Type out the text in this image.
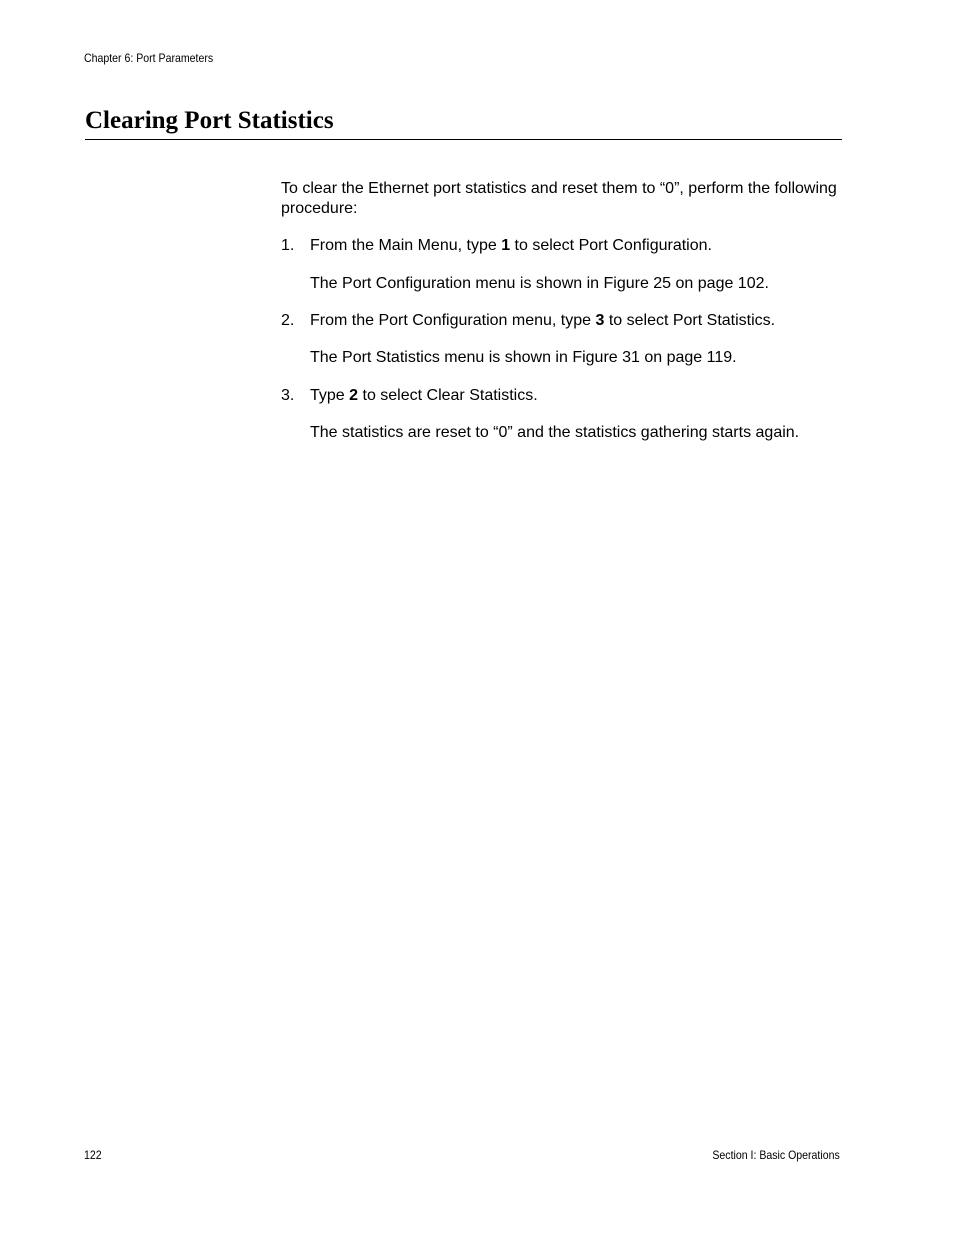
Chapter 6: Port Parameters
Clearing Port Statistics
To clear the Ethernet port statistics and reset them to “0”, perform the following procedure:
1. From the Main Menu, type 1 to select Port Configuration.
The Port Configuration menu is shown in Figure 25 on page 102.
2. From the Port Configuration menu, type 3 to select Port Statistics.
The Port Statistics menu is shown in Figure 31 on page 119.
3. Type 2 to select Clear Statistics.
The statistics are reset to “0” and the statistics gathering starts again.
122	Section I: Basic Operations
